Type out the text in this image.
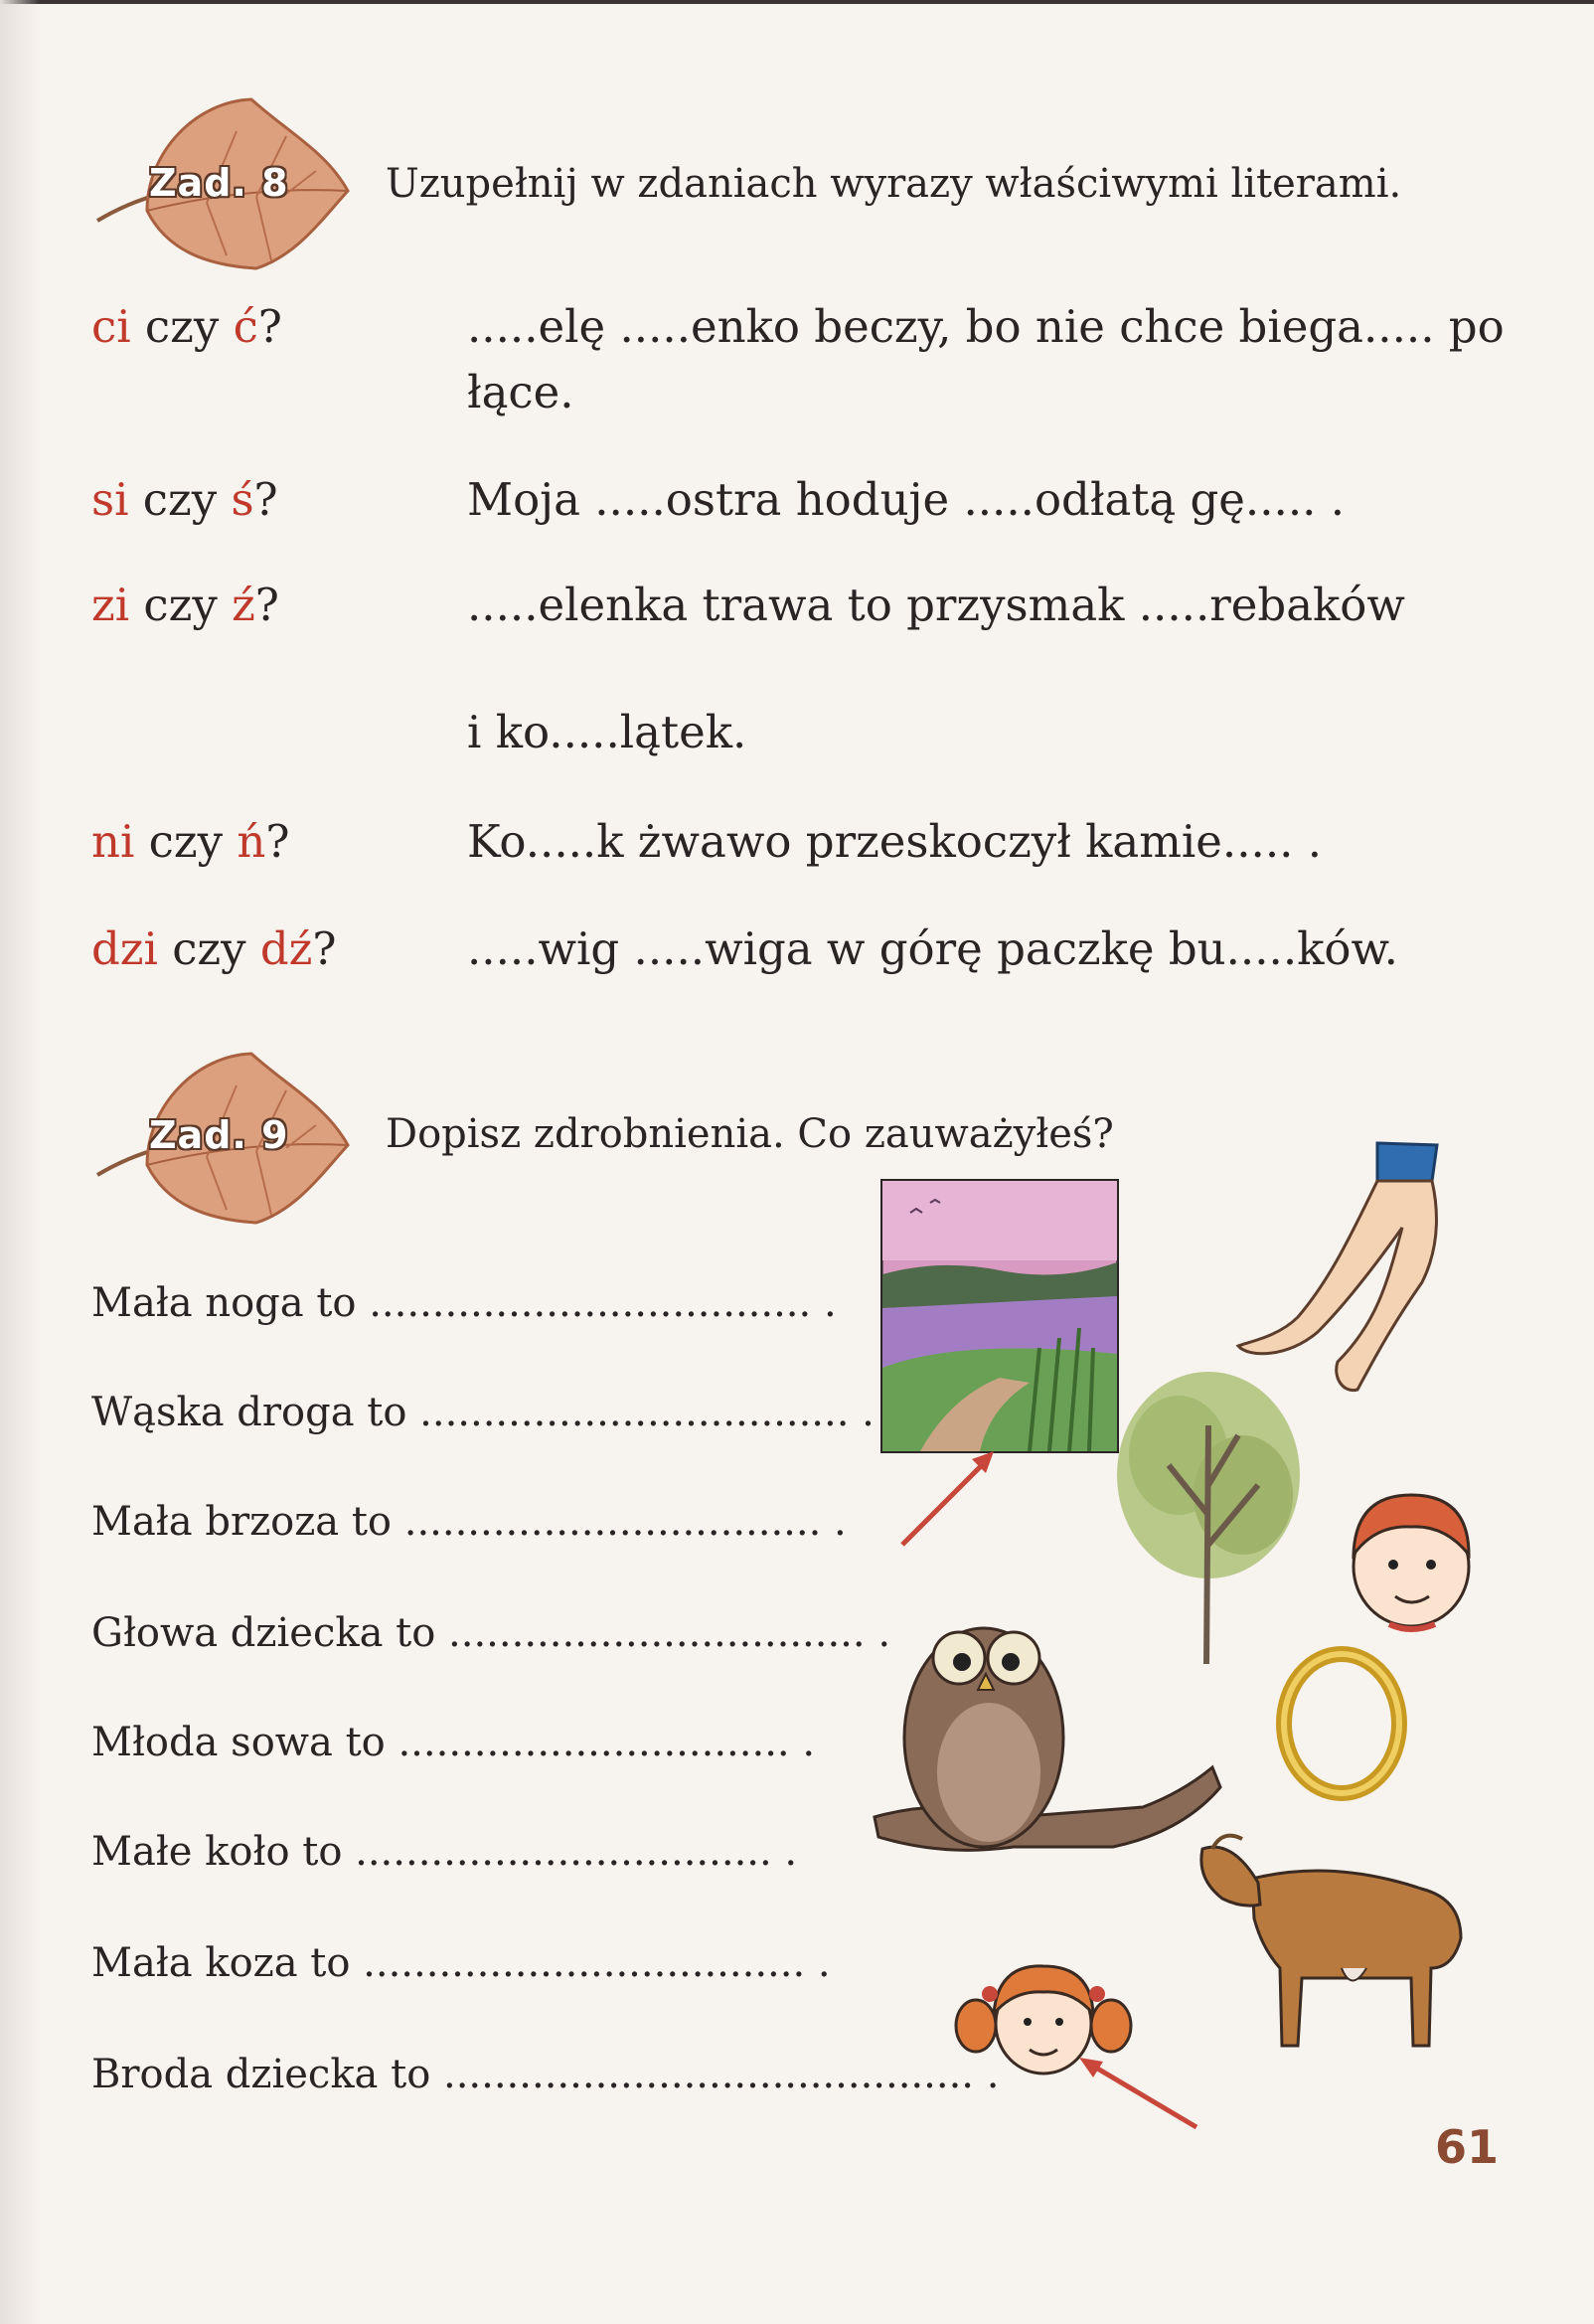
Zad. 8 Uzupełnij w zdaniach wyrazy właściwymi literami.
ci czy ć?	.....elę .....enko beczy, bo nie chce biega..... po łące.
si czy ś?	Moja .....ostra hoduje .....odłatą gę..... .
zi czy ź?	.....elenka trawa to przysmak .....rebaków
i ko.....lątek.
ni czy ń?	Ko.....k żwawo przeskoczył kamie..... .
dzi czy dź?	.....wig .....wiga w górę paczkę bu.....ków.
Zad. 9 Dopisz zdrobnienia. Co zauważyłeś?
Mała noga to ................................... .
Wąska droga to .................................. .
Mała brzoza to ................................. .
Głowa dziecka to ................................. .
Młoda sowa to ............................... .
Małe koło to ................................. .
Mała koza to ................................... .
Broda dziecka to .......................................... .
61
